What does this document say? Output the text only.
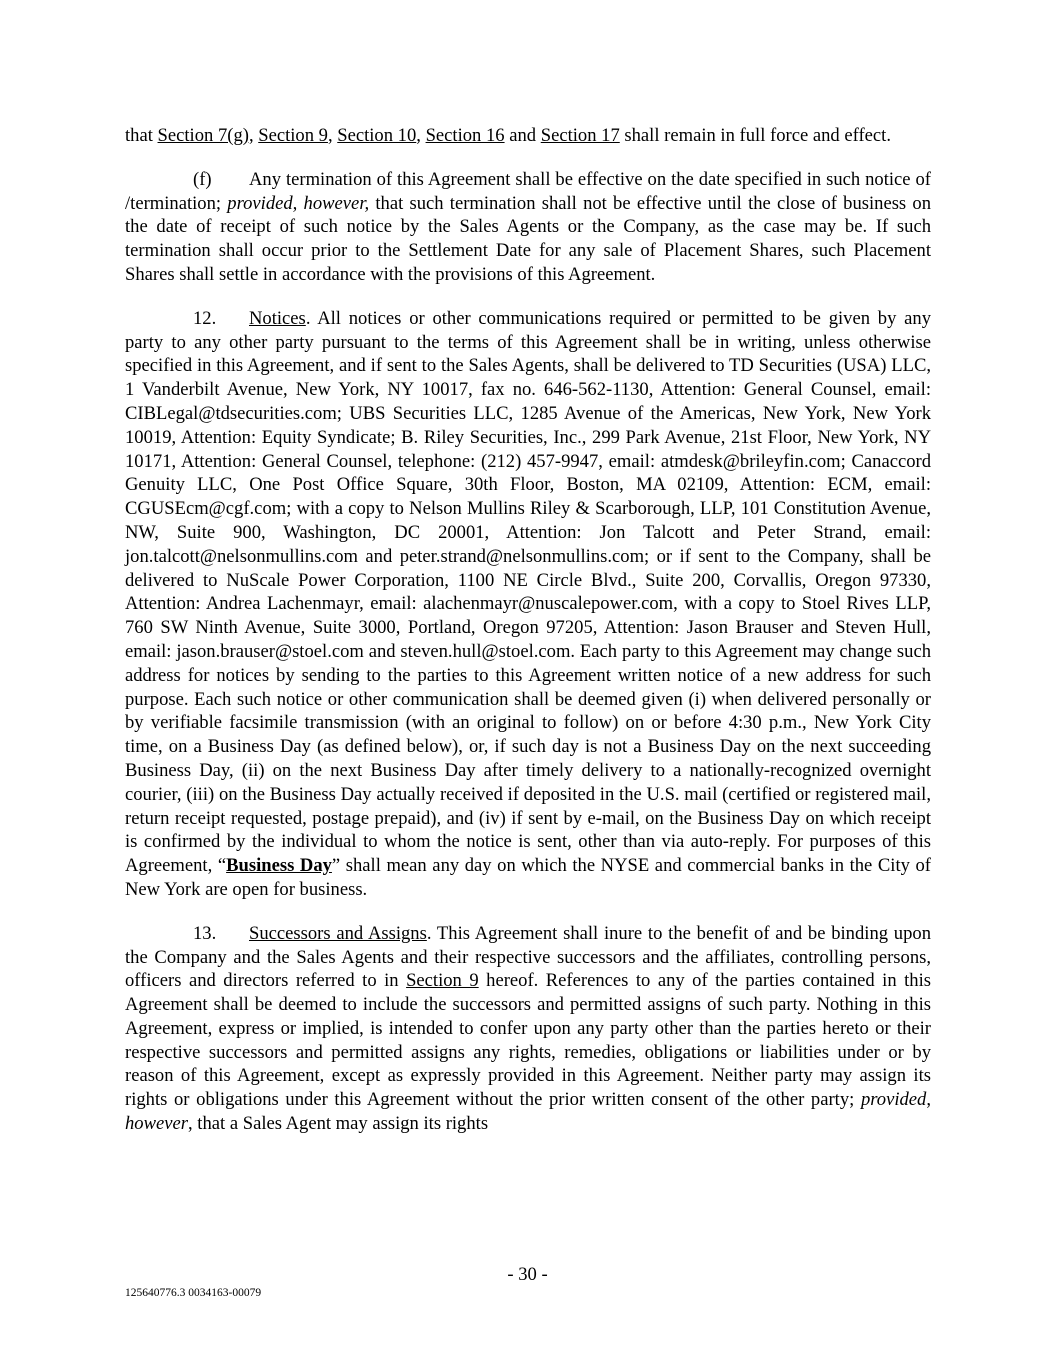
that Section 7(g), Section 9, Section 10, Section 16 and Section 17 shall remain in full force and effect.

(f) Any termination of this Agreement shall be effective on the date specified in such notice of /termination; provided, however, that such termination shall not be effective until the close of business on the date of receipt of such notice by the Sales Agents or the Company, as the case may be. If such termination shall occur prior to the Settlement Date for any sale of Placement Shares, such Placement Shares shall settle in accordance with the provisions of this Agreement.

12. Notices. All notices or other communications required or permitted to be given by any party to any other party pursuant to the terms of this Agreement shall be in writing, unless otherwise specified in this Agreement, and if sent to the Sales Agents, shall be delivered to TD Securities (USA) LLC, 1 Vanderbilt Avenue, New York, NY 10017, fax no. 646-562-1130, Attention: General Counsel, email: CIBLegal@tdsecurities.com; UBS Securities LLC, 1285 Avenue of the Americas, New York, New York 10019, Attention: Equity Syndicate; B. Riley Securities, Inc., 299 Park Avenue, 21st Floor, New York, NY 10171, Attention: General Counsel, telephone: (212) 457-9947, email: atmdesk@brileyfin.com; Canaccord Genuity LLC, One Post Office Square, 30th Floor, Boston, MA 02109, Attention: ECM, email: CGUSEcm@cgf.com; with a copy to Nelson Mullins Riley & Scarborough, LLP, 101 Constitution Avenue, NW, Suite 900, Washington, DC 20001, Attention: Jon Talcott and Peter Strand, email: jon.talcott@nelsonmullins.com and peter.strand@nelsonmullins.com; or if sent to the Company, shall be delivered to NuScale Power Corporation, 1100 NE Circle Blvd., Suite 200, Corvallis, Oregon 97330, Attention: Andrea Lachenmayr, email: alachenmayr@nuscalepower.com, with a copy to Stoel Rives LLP, 760 SW Ninth Avenue, Suite 3000, Portland, Oregon 97205, Attention: Jason Brauser and Steven Hull, email: jason.brauser@stoel.com and steven.hull@stoel.com. Each party to this Agreement may change such address for notices by sending to the parties to this Agreement written notice of a new address for such purpose. Each such notice or other communication shall be deemed given (i) when delivered personally or by verifiable facsimile transmission (with an original to follow) on or before 4:30 p.m., New York City time, on a Business Day (as defined below), or, if such day is not a Business Day on the next succeeding Business Day, (ii) on the next Business Day after timely delivery to a nationally-recognized overnight courier, (iii) on the Business Day actually received if deposited in the U.S. mail (certified or registered mail, return receipt requested, postage prepaid), and (iv) if sent by e-mail, on the Business Day on which receipt is confirmed by the individual to whom the notice is sent, other than via auto-reply. For purposes of this Agreement, “Business Day” shall mean any day on which the NYSE and commercial banks in the City of New York are open for business.

13. Successors and Assigns. This Agreement shall inure to the benefit of and be binding upon the Company and the Sales Agents and their respective successors and the affiliates, controlling persons, officers and directors referred to in Section 9 hereof. References to any of the parties contained in this Agreement shall be deemed to include the successors and permitted assigns of such party. Nothing in this Agreement, express or implied, is intended to confer upon any party other than the parties hereto or their respective successors and permitted assigns any rights, remedies, obligations or liabilities under or by reason of this Agreement, except as expressly provided in this Agreement. Neither party may assign its rights or obligations under this Agreement without the prior written consent of the other party; provided, however, that a Sales Agent may assign its rights

- 30 -
125640776.3 0034163-00079
